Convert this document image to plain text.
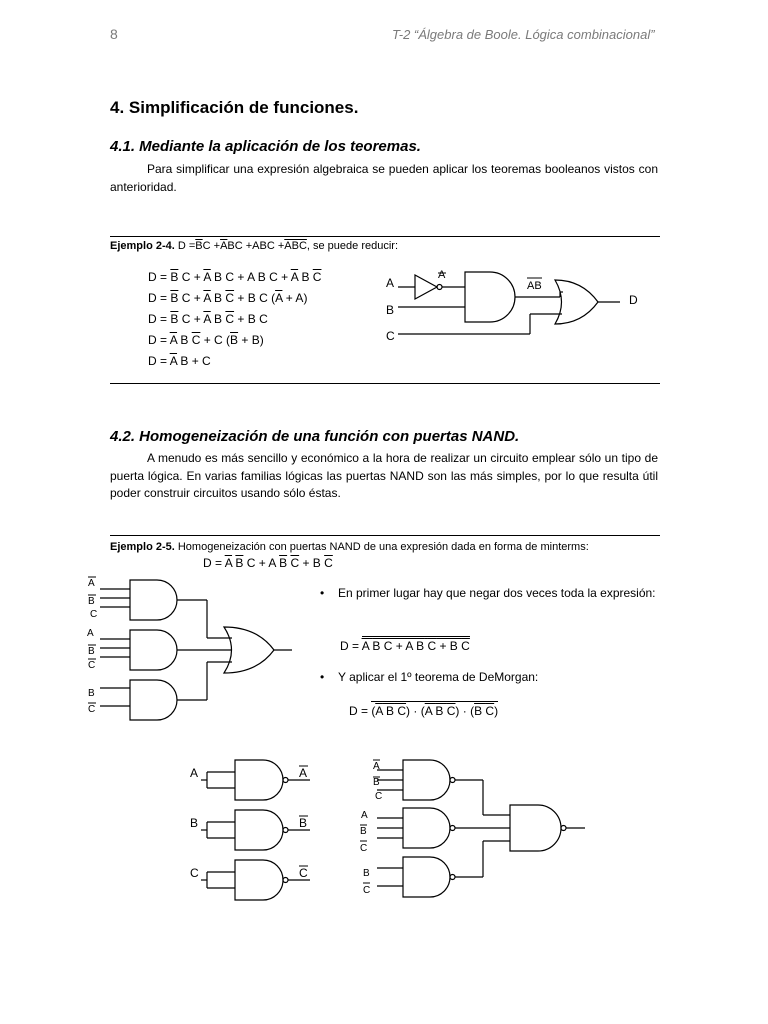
8	T-2 “Álgebra de Boole. Lógica combinacional”
4. Simplificación de funciones.
4.1. Mediante la aplicación de los teoremas.

Para simplificar una expresión algebraica se pueden aplicar los teoremas booleanos vistos con anterioridad.

Ejemplo 2-4. $D =\overline{B}C +\overline{A}BC +ABC +\overline{ABC}$, se puede reducir:
$D = \overline{B}$ $C + \overline{A}$ B C + A B $C + \overline{A}$ B $\overline{C}$
$D = \overline{B}$ $C + \overline{A}$ B $\overline{C} + B$ C $(\overline{A} + A)$
$D = \overline{B}$ $C + \overline{A}$ B $\overline{C} + B$ C
$D = \overline{A}$ B $\overline{C} + C$ $(\overline{B} + B)$
$D = \overline{A}$ B + C
A
B
C
A
AB
D
4.2. Homogeneización de una función con puertas NAND.

A menudo es más sencillo y económico a la hora de realizar un circuito emplear sólo un tipo de puerta lógica. En varias familias lógicas las puertas NAND son las más simples, por lo que resulta útil poder construir circuitos usando sólo éstas.

Ejemplo 2-5. Homogeneización con puertas NAND de una expresión dada en forma de minterms:
$D = \overline{A}$ $\overline{B}$ C + A $\overline{B}$ $\overline{C} + B$ $\overline{C}$
A
B
C
A
B
C
B
C
• En primer lugar hay que negar dos veces toda la expresión:
D = A B C + A B C + B C
• Y aplicar el 1º teorema de DeMorgan:
D = (A B C) · (A B C) · (B C)
A
B
C
A
B
C
A
B
C
A
B
C
B
C
